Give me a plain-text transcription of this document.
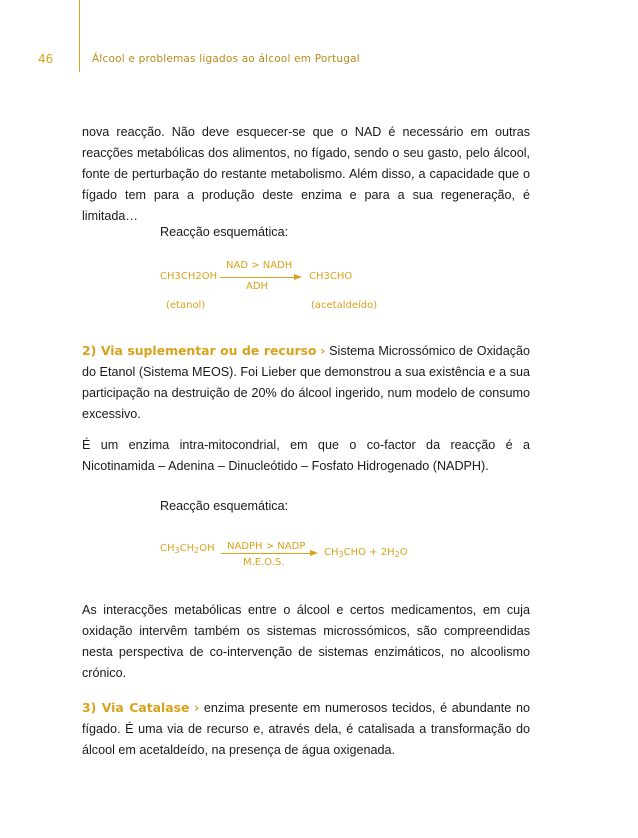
46	Álcool e problemas ligados ao álcool em Portugal
nova reacção. Não deve esquecer-se que o NAD é necessário em outras reacções metabólicas dos alimentos, no fígado, sendo o seu gasto, pelo álcool, fonte de perturbação do restante metabolismo. Além disso, a capacidade que o fígado tem para a produção deste enzima e para a sua regeneração, é limitada…
Reacção esquemática:
CH3CH2OH
NAD > NADH
ADH
CH3CHO
(etanol)	(acetaldeído)
2) Via suplementar ou de recurso › Sistema Microssómico de Oxidação do Etanol (Sistema MEOS). Foi Lieber que demonstrou a sua existência e a sua participação na destruição de 20% do álcool ingerido, num modelo de consumo excessivo.
É um enzima intra-mitocondrial, em que o co-factor da reacção é a Nicotinamida – Adenina – Dinucleótido – Fosfato Hidrogenado (NADPH).
Reacção esquemática:
$CH_3CH_2OH$ NADPH > NADP
M.E.O.S.
$CH_3CHO + 2H_2O$
As interacções metabólicas entre o álcool e certos medicamentos, em cuja oxidação intervêm também os sistemas microssómicos, são compreendidas nesta perspectiva de co-intervenção de sistemas enzimáticos, no alcoolismo crónico.
3) Via Catalase › enzima presente em numerosos tecidos, é abundante no fígado. É uma via de recurso e, através dela, é catalisada a transformação do álcool em acetaldeído, na presença de água oxigenada.
